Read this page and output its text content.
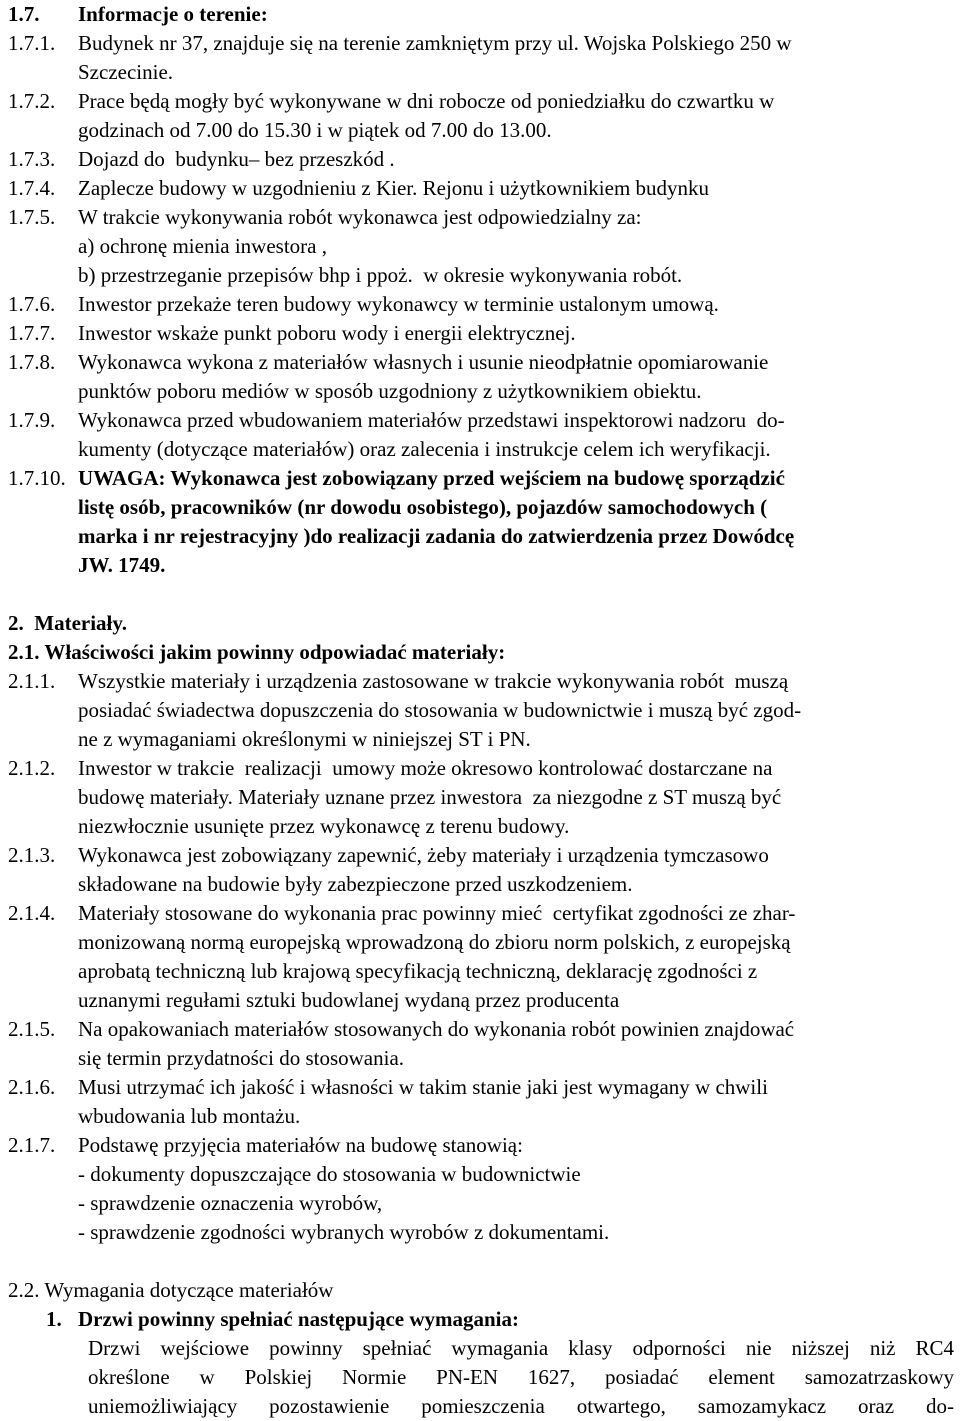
1.7.	Informacje o terenie:
1.7.1.	Budynek nr 37, znajduje się na terenie zamkniętym przy ul. Wojska Polskiego 250 w
Szczecinie.
1.7.2.	Prace będą mogły być wykonywane w dni robocze od poniedziałku do czwartku w
godzinach od 7.00 do 15.30 i w piątek od 7.00 do 13.00.
1.7.3.	Dojazd do  budynku– bez przeszkód .
1.7.4.	Zaplecze budowy w uzgodnieniu z Kier. Rejonu i użytkownikiem budynku
1.7.5.	W trakcie wykonywania robót wykonawca jest odpowiedzialny za:
a) ochronę mienia inwestora ,
b) przestrzeganie przepisów bhp i ppoż.  w okresie wykonywania robót.
1.7.6.	Inwestor przekaże teren budowy wykonawcy w terminie ustalonym umową.
1.7.7.	Inwestor wskaże punkt poboru wody i energii elektrycznej.
1.7.8.	Wykonawca wykona z materiałów własnych i usunie nieodpłatnie opomiarowanie
punktów poboru mediów w sposób uzgodniony z użytkownikiem obiektu.
1.7.9.	Wykonawca przed wbudowaniem materiałów przedstawi inspektorowi nadzoru  do-
kumenty (dotyczące materiałów) oraz zalecenia i instrukcje celem ich weryfikacji.
1.7.10. UWAGA: Wykonawca jest zobowiązany przed wejściem na budowę sporządzić
listę osób, pracowników (nr dowodu osobistego), pojazdów samochodowych (
marka i nr rejestracyjny )do realizacji zadania do zatwierdzenia przez Dowódcę
JW. 1749.
2.  Materiały.
2.1. Właściwości jakim powinny odpowiadać materiały:
2.1.1.	Wszystkie materiały i urządzenia zastosowane w trakcie wykonywania robót  muszą
posiadać świadectwa dopuszczenia do stosowania w budownictwie i muszą być zgod-
ne z wymaganiami określonymi w niniejszej ST i PN.
2.1.2.	Inwestor w trakcie  realizacji  umowy może okresowo kontrolować dostarczane na
budowę materiały. Materiały uznane przez inwestora  za niezgodne z ST muszą być
niezwłocznie usunięte przez wykonawcę z terenu budowy.
2.1.3.	Wykonawca jest zobowiązany zapewnić, żeby materiały i urządzenia tymczasowo
składowane na budowie były zabezpieczone przed uszkodzeniem.
2.1.4.	Materiały stosowane do wykonania prac powinny mieć  certyfikat zgodności ze zhar-
monizowaną normą europejską wprowadzoną do zbioru norm polskich, z europejską
aprobatą techniczną lub krajową specyfikacją techniczną, deklarację zgodności z
uznanymi regułami sztuki budowlanej wydaną przez producenta
2.1.5.	Na opakowaniach materiałów stosowanych do wykonania robót powinien znajdować
się termin przydatności do stosowania.
2.1.6.	Musi utrzymać ich jakość i własności w takim stanie jaki jest wymagany w chwili
wbudowania lub montażu.
2.1.7.	Podstawę przyjęcia materiałów na budowę stanowią:
- dokumenty dopuszczające do stosowania w budownictwie
- sprawdzenie oznaczenia wyrobów,
- sprawdzenie zgodności wybranych wyrobów z dokumentami.
2.2. Wymagania dotyczące materiałów
1. Drzwi powinny spełniać następujące wymagania:
Drzwi wejściowe powinny spełniać wymagania klasy odporności nie niższej niż RC4
określone w Polskiej Normie PN-EN 1627, posiadać element samozatrzaskowy
uniemożliwiający pozostawienie pomieszczenia otwartego, samozamykacz oraz do-
